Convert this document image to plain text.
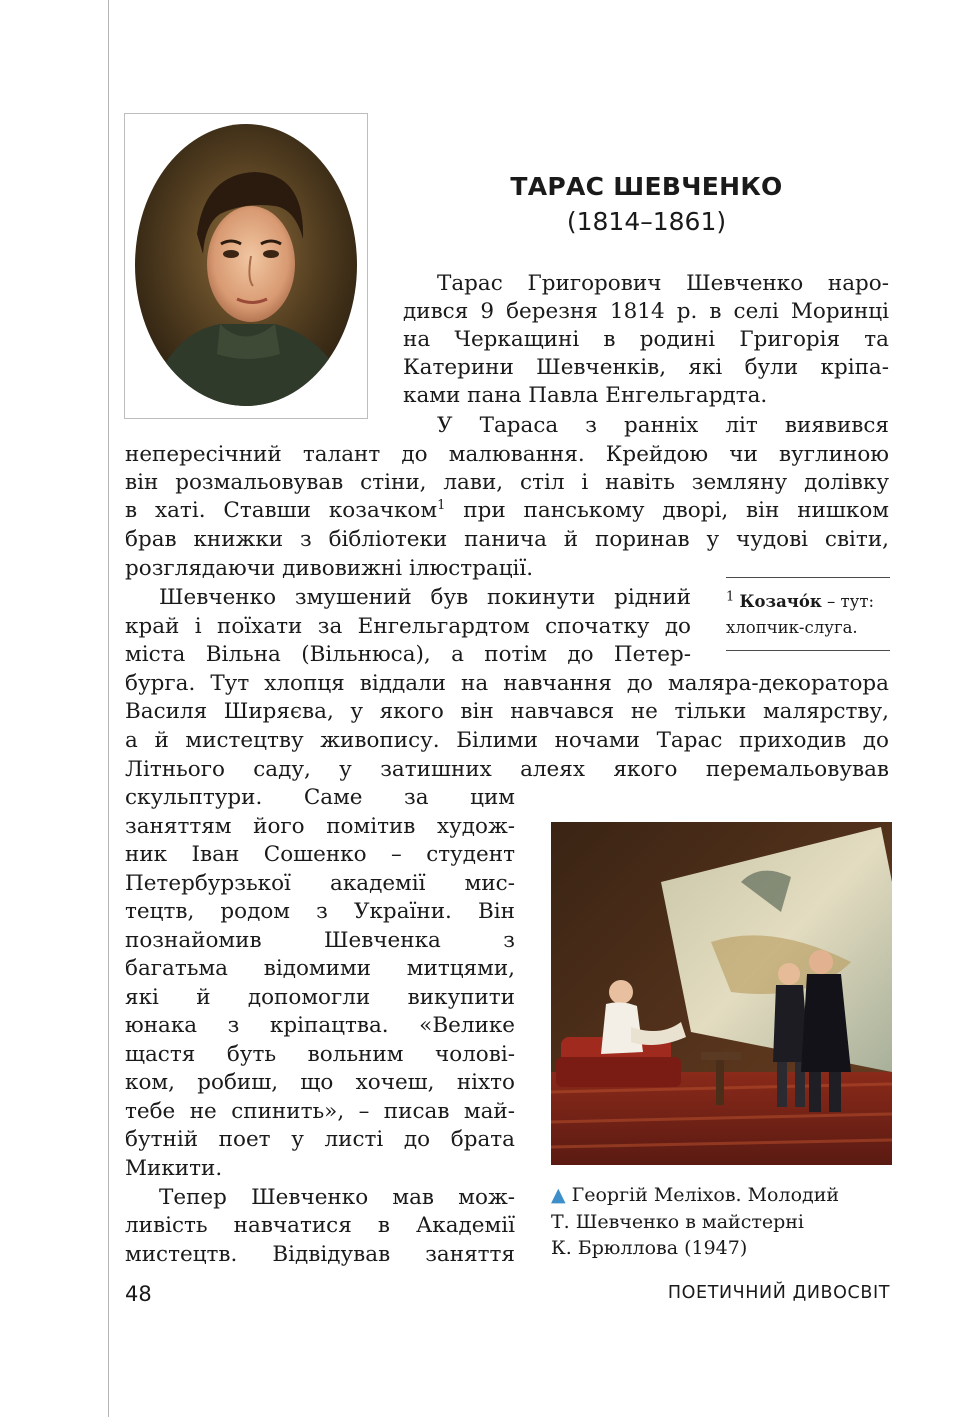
ТАРАС ШЕВЧЕНКО
(1814–1861)
Тарас Григорович Шевченко наро-
дився 9 березня 1814 р. в селі Моринці
на Черкащині в родині Григорія та
Катерини Шевченків, які були кріпа-
ками пана Павла Енгельгардта.
У Тараса з ранніх літ виявився
непересічний талант до малювання. Крейдою чи вуглиною
він розмальовував стіни, лави, стіл і навіть земляну долівку
в хаті. Ставши козачком$^1$ при панському дворі, він нишком
брав книжки з бібліотеки панича й поринав у чудові світи,
розглядаючи дивовижні ілюстрації.
Шевченко змушений був покинути рідний
край і поїхати за Енгельгардтом спочатку до
міста Вільна (Вільнюса), а потім до Петер-
бурга. Тут хлопця віддали на навчання до маляра-декоратора
Василя Ширяєва, у якого він навчався не тільки малярству,
а й мистецтву живопису. Білими ночами Тарас приходив до
Літнього саду, у затишних алеях якого перемальовував
скульптури. Саме за цим
заняттям його помітив худож-
ник Іван Сошенко – студент
Петербурзької академії мис-
тецтв, родом з України. Він
познайомив Шевченка з
багатьма відомими митцями,
які й допомогли викупити
юнака з кріпацтва. «Велике
щастя буть вольним чолові-
ком, робиш, що хочеш, ніхто
тебе не спинить», – писав май-
бутній поет у листі до брата
Микити.
Тепер Шевченко мав мож-
ливість навчатися в Академії
мистецтв. Відвідував заняття
$^1$ Козачо́к – тут:
хлопчик-слуга.
▲ Георгій Меліхов. Молодий
Т. Шевченко в майстерні
К. Брюллова (1947)
48	ПОЕТИЧНИЙ ДИВОСВІТ
